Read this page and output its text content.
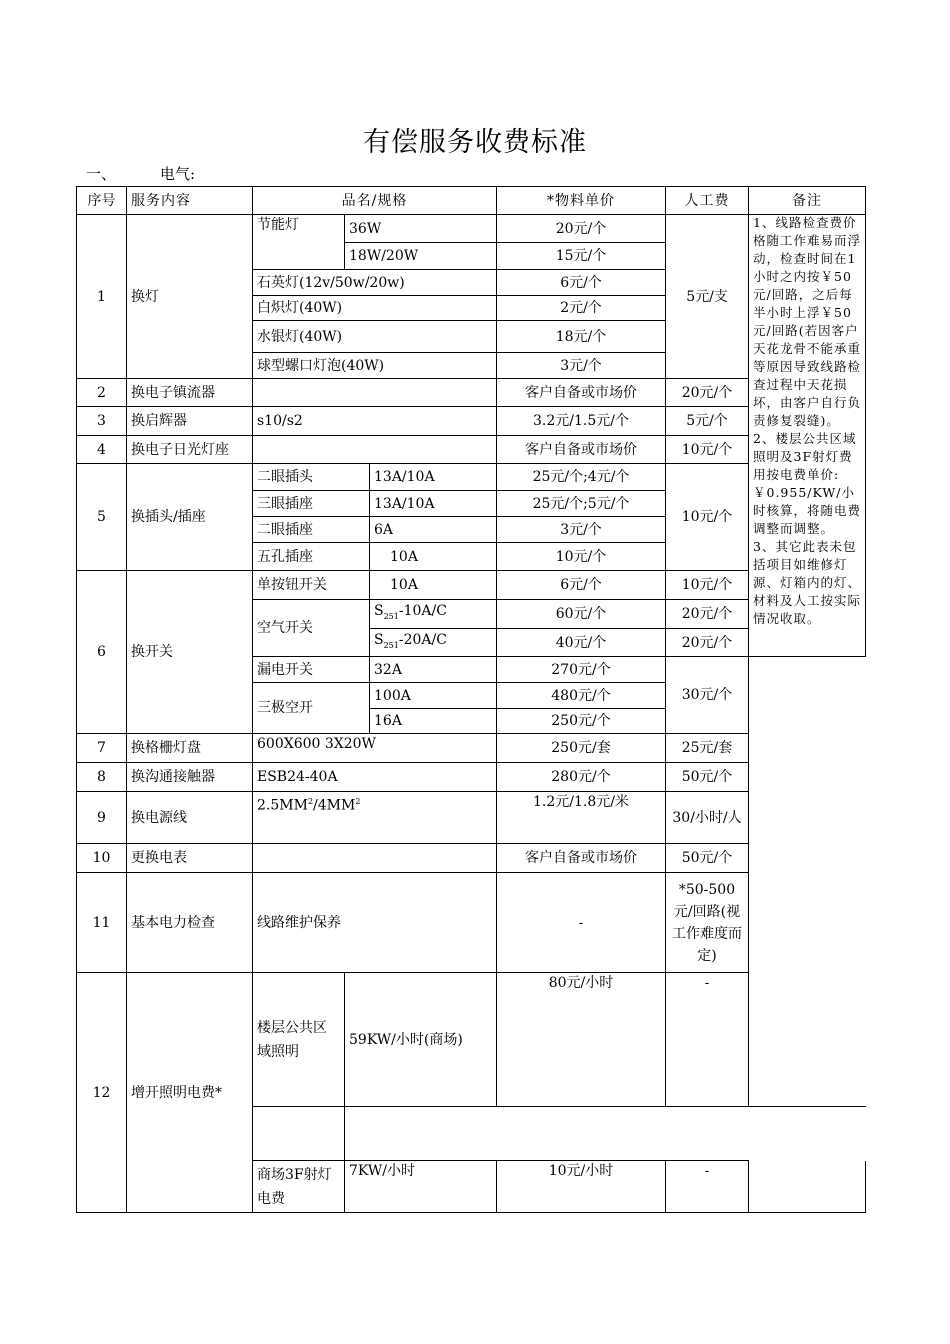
有偿服务收费标准
一、	电气:
序号	服务内容	品名/规格			*物料单价	人工费	备注	
1	换灯	节能灯	36W		20元/个	5元/支	1、线路检查费价格随工作难易而浮动，检查时间在1小时之内按￥50元/回路，之后每半小时上浮￥50元/回路(若因客户天花龙骨不能承重等原因导致线路检查过程中天花损坏，由客户自行负责修复裂缝)。

2、楼层公共区域照明及3F射灯费用按电费单价:￥0.955/KW/小时核算，将随电费调整而调整。

3、其它此表未包括项目如维修灯源、灯箱内的灯、材料及人工按实际情况收取。	

			18W/20W		15元/个			
		石英灯(12v/50w/20w)			6元/个			
		白炽灯(40W)			2元/个			
		水银灯(40W)			18元/个			
		球型螺口灯泡(40W)			3元/个			
2	换电子镇流器				客户自备或市场价	20元/个		
3	换启辉器	s10/s2			3.2元/1.5元/个	5元/个		
4	换电子日光灯座				客户自备或市场价	10元/个		
5	换插头/插座	二眼插头		13A/10A	25元/个;4元/个	10元/个		
		三眼插座		13A/10A	25元/个;5元/个			
		二眼插座		6A	3元/个			
		五孔插座		10A	10元/个			
6	换开关	单按钮开关		10A	6元/个	10元/个		
		空气开关		$S_{251}-10A/C$	60元/个	20元/个		
				$S_{251}-20A/C$	40元/个	20元/个		
		漏电开关		32A	270元/个	30元/个		
		三极空开		100A	480元/个			
				16A	250元/个			
7	换格栅灯盘	600X600 3X20W			250元/套	25元/套		
8	换沟通接触器	ESB24-40A			280元/个	50元/个		
9	换电源线	$2.5MM^2/4MM^2$			1.2元/1.8元/米	30/小时/人		
10	更换电表				客户自备或市场价	50元/个		
11	基本电力检查	线路维护保养			-	*50-500元/回路(视工作难度而定)		
12	增开照明电费*	楼层公共区域照明	59KW/小时(商场)		80元/小时	-		

		商场3F射灯电费	7KW/小时		10元/小时	-		
